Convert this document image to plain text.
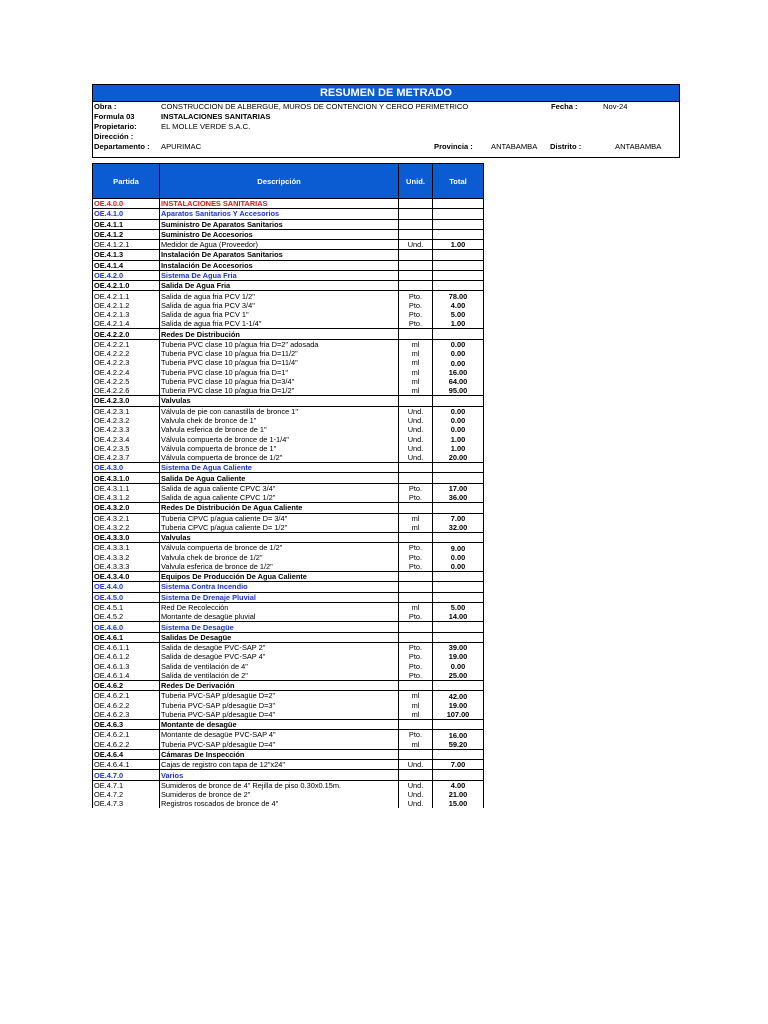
RESUMEN DE METRADO
Obra :	CONSTRUCCION DE ALBERGUE, MUROS DE CONTENCION Y CERCO PERIMETRICO	Fecha :	Nov-24
Formula 03	INSTALACIONES SANITARIAS
Propietario:	EL MOLLE VERDE S.A.C.
Dirección :
Departamento : APURIMAC	Provincia : ANTABAMBA Distrito :	ANTABAMBA
Partida	Descripción	Unid.	Total
OE.4.0.0	INSTALACIONES SANITARIAS		
OE.4.1.0	Aparatos Sanitarios Y Accesorios		
OE.4.1.1	Suministro De Aparatos Sanitarios		
OE.4.1.2	Suministro De Accesorios		
OE.4.1.2.1	Medidor de Agua (Proveedor)	Und.	1.00
OE.4.1.3	Instalación De Aparatos Sanitarios		
OE.4.1.4	Instalación De Accesorios		
OE.4.2.0	Sistema De Agua Fria		
OE.4.2.1.0	Salida De Agua Fria		
OE.4.2.1.1	Salida de agua fria PCV 1/2"	Pto.	78.00
OE.4.2.1.2	Salida de agua fria PCV 3/4"	Pto.	4.00
OE.4.2.1.3	Salida de agua fria PCV 1"	Pto.	5.00
OE.4.2.1.4	Salida de agua fria PCV 1-1/4"	Pto.	1.00
OE.4.2.2.0	Redes De Distribución		
OE.4.2.2.1	Tuberia PVC clase 10 p/agua fria D=2" adosada	ml	0.00
OE.4.2.2.2	Tuberia PVC clase 10 p/agua fria D=11/2"	ml	0.00
OE.4.2.2.3	Tuberia PVC clase 10 p/agua fria D=11/4"	ml	0.00
OE.4.2.2.4	Tuberia PVC clase 10 p/agua fria D=1"	ml	16.00
OE.4.2.2.5	Tuberia PVC clase 10 p/agua fria D=3/4"	ml	64.00
OE.4.2.2.6	Tuberia PVC clase 10 p/agua fria D=1/2"	ml	95.00
OE.4.2.3.0	Valvulas		
OE.4.2.3.1	Válvula de pie con canastilla de bronce 1"	Und.	0.00
OE.4.2.3.2	Valvula chek de bronce de 1"	Und.	0.00
OE.4.2.3.3	Valvula esferica de bronce de 1"	Und.	0.00
OE.4.2.3.4	Válvula compuerta de bronce de 1-1/4"	Und.	1.00
OE.4.2.3.5	Válvula compuerta de bronce de 1"	Und.	1.00
OE.4.2.3.7	Válvula compuerta de bronce de 1/2"	Und.	20.00
OE.4.3.0	Sistema De Agua Caliente		
OE.4.3.1.0	Salida De Agua Caliente		
OE.4.3.1.1	Salida de agua caliente CPVC 3/4"	Pto.	17.00
OE.4.3.1.2	Salida de agua caliente CPVC 1/2"	Pto.	36.00
OE.4.3.2.0	Redes De Distribución De Agua Caliente		
OE.4.3.2.1	Tuberia CPVC p/agua caliente D= 3/4"	ml	7.00
OE.4.3.2.2	Tuberia CPVC p/agua caliente D= 1/2"	ml	32.00
OE.4.3.3.0	Valvulas		
OE.4.3.3.1	Válvula compuerta de bronce de 1/2"	Pto.	9.00
OE.4.3.3.2	Valvula chek de bronce de 1/2"	Pto.	0.00
OE.4.3.3.3	Valvula esferica de bronce de 1/2"	Pto.	0.00
OE.4.3.4.0	Equipos De Producción De Agua Caliente		
OE.4.4.0	Sistema Contra Incendio		
OE.4.5.0	Sistema De Drenaje Pluvial		
OE.4.5.1	Red De Recolección	ml	5.00
OE.4.5.2	Montante de desagüe pluvial	Pto.	14.00
OE.4.6.0	Sistema De Desagüe		
OE.4.6.1	Salidas De Desagüe		
OE.4.6.1.1	Salida de desagüe PVC-SAP 2"	Pto.	39.00
OE.4.6.1.2	Salida de desagüe PVC-SAP 4"	Pto.	19.00
OE.4.6.1.3	Salida de ventilación de 4"	Pto.	0.00
OE.4.6.1.4	Salida de ventilación de 2"	Pto.	25.00
OE.4.6.2	Redes De Derivación		
OE.4.6.2.1	Tuberia PVC-SAP p/desagüe D=2"	ml	42.00
OE.4.6.2.2	Tuberia PVC-SAP p/desagüe D=3"	ml	19.00
OE.4.6.2.3	Tuberia PVC-SAP p/desagüe D=4"	ml	107.00
OE.4.6.3	Montante de desagüe		
OE.4.6.2.1	Montante de desagüe PVC-SAP 4"	Pto.	16.00
OE.4.6.2.2	Tuberia PVC-SAP p/desagüe D=4"	ml	59.20
OE.4.6.4	Cámaras De Inspección		
OE.4.6.4.1	Cajas de registro con tapa de 12"x24"	Und.	7.00
OE.4.7.0	Varios		
OE.4.7.1	Sumideros de bronce de 4" Rejilla de piso 0.30x0.15m.	Und.	4.00
OE.4.7.2	Sumideros de bronce de 2"	Und.	21.00
OE.4.7.3	Registros roscados de bronce de 4"	Und.	15.00
